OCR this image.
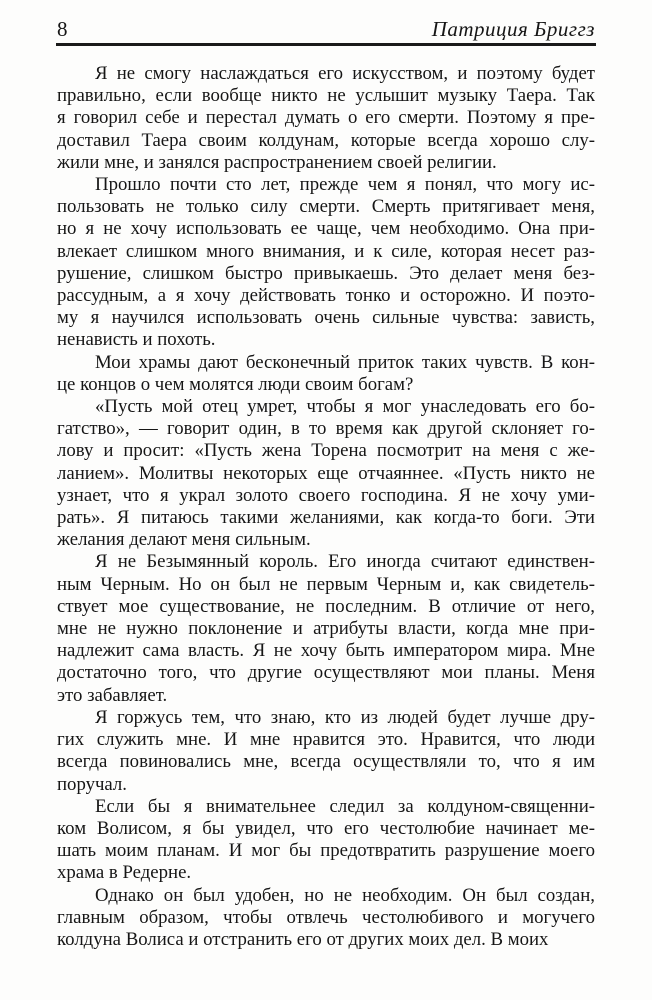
8	Патриция Бриггз
Я не смогу наслаждаться его искусством, и поэтому будет
правильно, если вообще никто не услышит музыку Таера. Так
я говорил себе и перестал думать о его смерти. Поэтому я пре-
доставил Таера своим колдунам, которые всегда хорошо слу-
жили мне, и занялся распространением своей религии.
Прошло почти сто лет, прежде чем я понял, что могу ис-
пользовать не только силу смерти. Смерть притягивает меня,
но я не хочу использовать ее чаще, чем необходимо. Она при-
влекает слишком много внимания, и к силе, которая несет раз-
рушение, слишком быстро привыкаешь. Это делает меня без-
рассудным, а я хочу действовать тонко и осторожно. И поэто-
му я научился использовать очень сильные чувства: зависть,
ненависть и похоть.
Мои храмы дают бесконечный приток таких чувств. В кон-
це концов о чем молятся люди своим богам?
«Пусть мой отец умрет, чтобы я мог унаследовать его бо-
гатство», — говорит один, в то время как другой склоняет го-
лову и просит: «Пусть жена Торена посмотрит на меня с же-
ланием». Молитвы некоторых еще отчаяннее. «Пусть никто не
узнает, что я украл золото своего господина. Я не хочу уми-
рать». Я питаюсь такими желаниями, как когда-то боги. Эти
желания делают меня сильным.
Я не Безымянный король. Его иногда считают единствен-
ным Черным. Но он был не первым Черным и, как свидетель-
ствует мое существование, не последним. В отличие от него,
мне не нужно поклонение и атрибуты власти, когда мне при-
надлежит сама власть. Я не хочу быть императором мира. Мне
достаточно того, что другие осуществляют мои планы. Меня
это забавляет.
Я горжусь тем, что знаю, кто из людей будет лучше дру-
гих служить мне. И мне нравится это. Нравится, что люди
всегда повиновались мне, всегда осуществляли то, что я им
поручал.
Если бы я внимательнее следил за колдуном-священни-
ком Волисом, я бы увидел, что его честолюбие начинает ме-
шать моим планам. И мог бы предотвратить разрушение моего
храма в Редерне.
Однако он был удобен, но не необходим. Он был создан,
главным образом, чтобы отвлечь честолюбивого и могучего
колдуна Волиса и отстранить его от других моих дел. В моих
